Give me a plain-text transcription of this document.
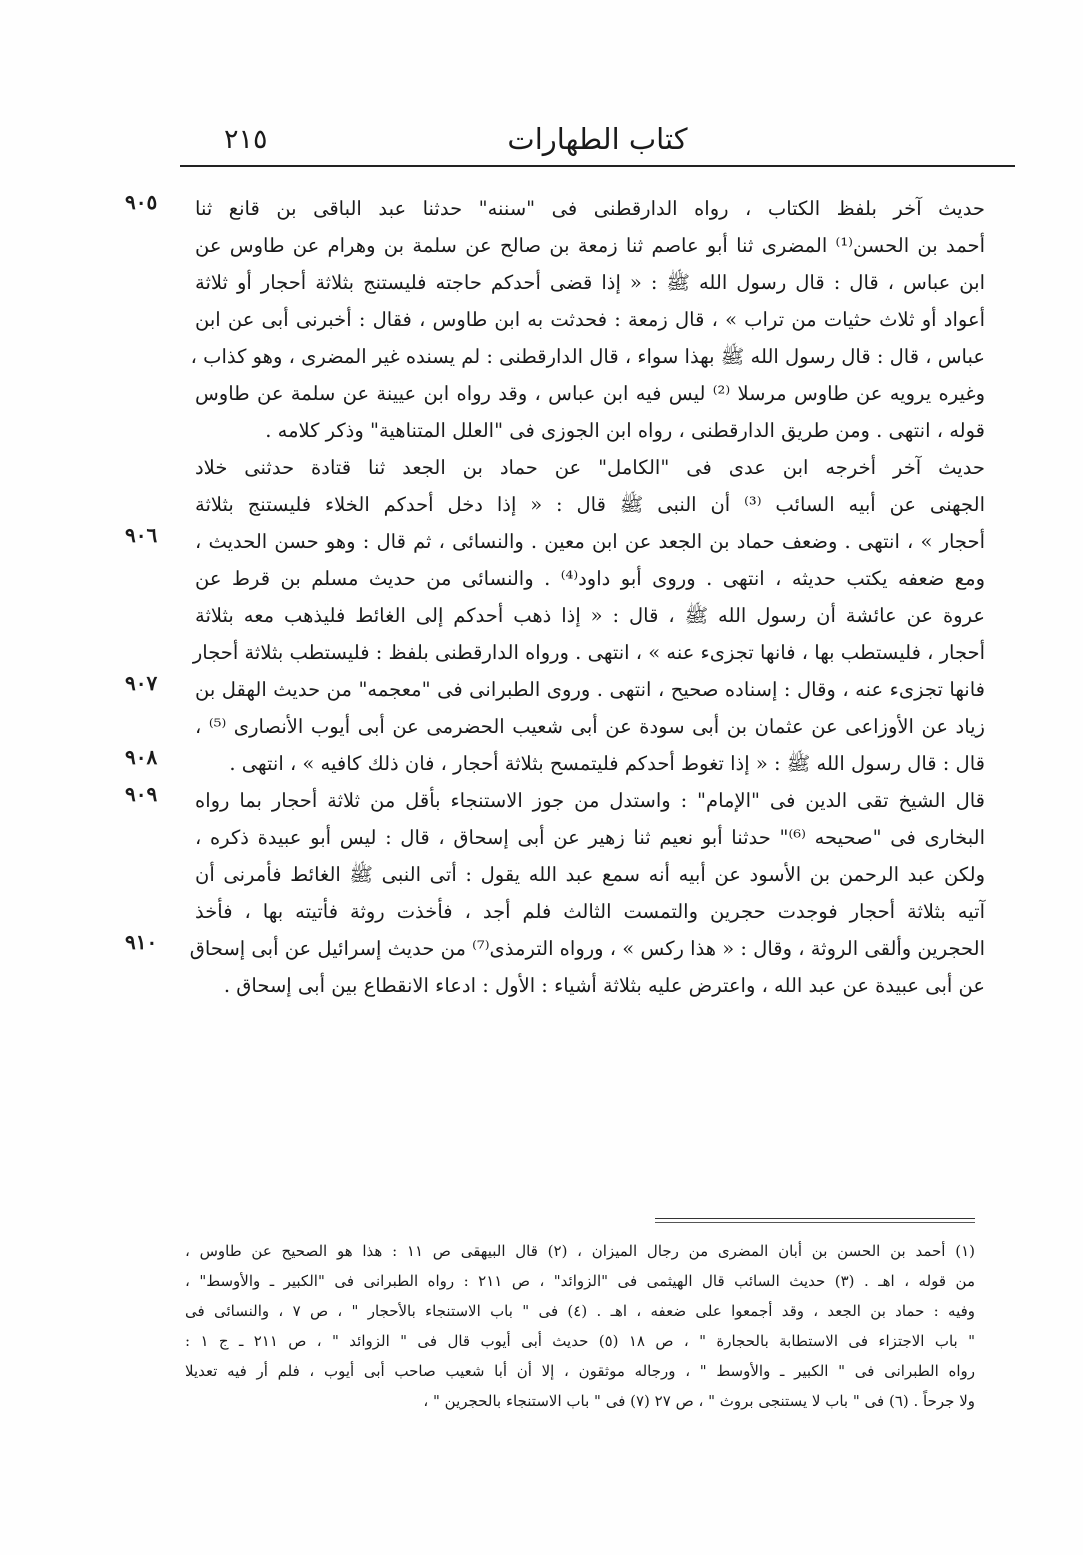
كتاب الطهارات
٢١٥
٩٠٥
٩٠٦
٩٠٧
٩٠٨
٩٠٩
٩١٠
حديث آخر بلفظ الكتاب ، رواه الدارقطنى فى "سننه" حدثنا عبد الباقى بن قانع ثنا
أحمد بن الحسن⁽¹⁾ المضرى ثنا أبو عاصم ثنا زمعة بن صالح عن سلمة بن وهرام عن طاوس عن
ابن عباس ، قال : قال رسول الله ﷺ : « إذا قضى أحدكم حاجته فليستنج بثلاثة أحجار أو ثلاثة
أعواد أو ثلاث حثيات من تراب » ، قال زمعة : فحدثت به ابن طاوس ، فقال : أخبرنى أبى عن ابن
عباس ، قال : قال رسول الله ﷺ بهذا سواء ، قال الدارقطنى : لم يسنده غير المضرى ، وهو كذاب ،
وغيره يرويه عن طاوس مرسلا ⁽²⁾ ليس فيه ابن عباس ، وقد رواه ابن عيينة عن سلمة عن طاوس
قوله ، انتهى . ومن طريق الدارقطنى ، رواه ابن الجوزى فى "العلل المتناهية" وذكر كلامه .
حديث آخر أخرجه ابن عدى فى "الكامل" عن حماد بن الجعد ثنا قتادة حدثنى خلاد
الجهنى عن أبيه السائب ⁽³⁾ أن النبى ﷺ قال : « إذا دخل أحدكم الخلاء فليستنج بثلاثة
أحجار » ، انتهى . وضعف حماد بن الجعد عن ابن معين . والنسائى ، ثم قال : وهو حسن الحديث ،
ومع ضعفه يكتب حديثه ، انتهى . وروى أبو داود⁽⁴⁾ . والنسائى من حديث مسلم بن قرط عن
عروة عن عائشة أن رسول الله ﷺ ، قال : « إذا ذهب أحدكم إلى الغائط فليذهب معه بثلاثة
أحجار ، فليستطب بها ، فانها تجزىء عنه » ، انتهى . ورواه الدارقطنى بلفظ : فليستطب بثلاثة أحجار
فانها تجزىء عنه ، وقال : إسناده صحيح ، انتهى . وروى الطبرانى فى "معجمه" من حديث الهقل بن
زياد عن الأوزاعى عن عثمان بن أبى سودة عن أبى شعيب الحضرمى عن أبى أيوب الأنصارى ⁽⁵⁾ ،
قال : قال رسول الله ﷺ : « إذا تغوط أحدكم فليتمسح بثلاثة أحجار ، فان ذلك كافيه » ، انتهى .
قال الشيخ تقى الدين فى "الإمام" : واستدل من جوز الاستنجاء بأقل من ثلاثة أحجار بما رواه
البخارى فى "صحيحه ⁽⁶⁾" حدثنا أبو نعيم ثنا زهير عن أبى إسحاق ، قال : ليس أبو عبيدة ذكره ،
ولكن عبد الرحمن بن الأسود عن أبيه أنه سمع عبد الله يقول : أتى النبى ﷺ الغائط فأمرنى أن
آتيه بثلاثة أحجار فوجدت حجرين والتمست الثالث فلم أجد ، فأخذت روثة فأتيته بها ، فأخذ
الحجرين وألقى الروثة ، وقال : « هذا ركس » ، ورواه الترمذى⁽⁷⁾ من حديث إسرائيل عن أبى إسحاق
عن أبى عبيدة عن عبد الله ، واعترض عليه بثلاثة أشياء : الأول : ادعاء الانقطاع بين أبى إسحاق .
(١) أحمد بن الحسن بن أبان المضرى من رجال الميزان ، (٢) قال البيهقى ص ١١ : هذا هو الصحيح عن طاوس ،
من قوله ، اهـ . (٣) حديث السائب قال الهيثمى فى "الزوائد" ، ص ٢١١ : رواه الطبرانى فى "الكبير ـ والأوسط" ،
وفيه : حماد بن الجعد ، وقد أجمعوا على ضعفه ، اهـ . (٤) فى " باب الاستنجاء بالأحجار " ، ص ٧ ، والنسائى فى
" باب الاجتزاء فى الاستطابة بالحجارة " ، ص ١٨ (٥) حديث أبى أيوب قال فى " الزوائد " ، ص ٢١١ ـ ج ١ :
رواه الطبرانى فى " الكبير ـ والأوسط " ، ورجاله موثقون ، إلا أن أبا شعيب صاحب أبى أيوب ، فلم أر فيه تعديلا
ولا جرحاً . (٦) فى " باب لا يستنجى بروث " ، ص ٢٧ (٧) فى " باب الاستنجاء بالحجرين " ،
